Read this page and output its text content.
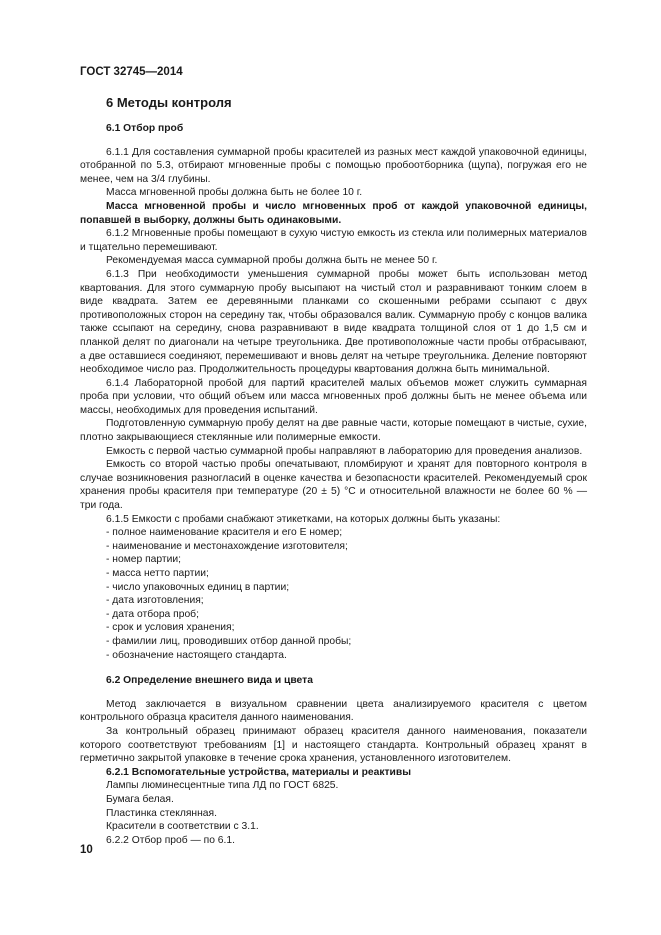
ГОСТ 32745—2014
6 Методы контроля

6.1 Отбор проб

6.1.1 Для составления суммарной пробы красителей из разных мест каждой упаковочной единицы, отобранной по 5.3, отбирают мгновенные пробы с помощью пробоотборника (щупа), погружая его не менее, чем на 3/4 глубины.

Масса мгновенной пробы должна быть не более 10 г.

Масса мгновенной пробы и число мгновенных проб от каждой упаковочной единицы, попавшей в выборку, должны быть одинаковыми.

6.1.2 Мгновенные пробы помещают в сухую чистую емкость из стекла или полимерных материалов и тщательно перемешивают.

Рекомендуемая масса суммарной пробы должна быть не менее 50 г.

6.1.3 При необходимости уменьшения суммарной пробы может быть использован метод квартования. Для этого суммарную пробу высыпают на чистый стол и разравнивают тонким слоем в виде квадрата. Затем ее деревянными планками со скошенными ребрами ссыпают с двух противоположных сторон на середину так, чтобы образовался валик. Суммарную пробу с концов валика также ссыпают на середину, снова разравнивают в виде квадрата толщиной слоя от 1 до 1,5 см и планкой делят по диагонали на четыре треугольника. Две противоположные части пробы отбрасывают, а две оставшиеся соединяют, перемешивают и вновь делят на четыре треугольника. Деление повторяют необходимое число раз. Продолжительность процедуры квартования должна быть минимальной.

6.1.4 Лабораторной пробой для партий красителей малых объемов может служить суммарная проба при условии, что общий объем или масса мгновенных проб должны быть не менее объема или массы, необходимых для проведения испытаний.

Подготовленную суммарную пробу делят на две равные части, которые помещают в чистые, сухие, плотно закрывающиеся стеклянные или полимерные емкости.

Емкость с первой частью суммарной пробы направляют в лабораторию для проведения анализов.

Емкость со второй частью пробы опечатывают, пломбируют и хранят для повторного контроля в случае возникновения разногласий в оценке качества и безопасности красителей. Рекомендуемый срок хранения пробы красителя при температуре (20 ± 5) °С и относительной влажности не более 60 % — три года.

6.1.5 Емкости с пробами снабжают этикетками, на которых должны быть указаны:

- полное наименование красителя и его Е номер;
- наименование и местонахождение изготовителя;
- номер партии;
- масса нетто партии;
- число упаковочных единиц в партии;
- дата изготовления;
- дата отбора проб;
- срок и условия хранения;
- фамилии лиц, проводивших отбор данной пробы;
- обозначение настоящего стандарта.

6.2 Определение внешнего вида и цвета

Метод заключается в визуальном сравнении цвета анализируемого красителя с цветом контрольного образца красителя данного наименования.

За контрольный образец принимают образец красителя данного наименования, показатели которого соответствуют требованиям [1] и настоящего стандарта. Контрольный образец хранят в герметично закрытой упаковке в течение срока хранения, установленного изготовителем.

6.2.1 Вспомогательные устройства, материалы и реактивы

Лампы люминесцентные типа ЛД по ГОСТ 6825.

Бумага белая.

Пластинка стеклянная.

Красители в соответствии с 3.1.

6.2.2 Отбор проб — по 6.1.

10
